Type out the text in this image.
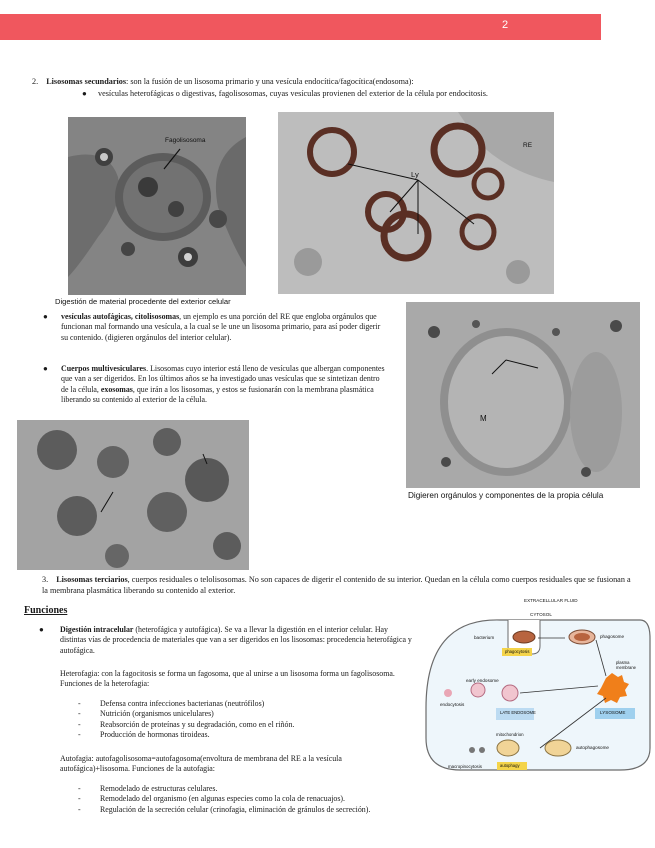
2
2. Lisosomas secundarios: son la fusión de un lisosoma primario y una vesícula endocítica/fagocítica(endosoma):
● vesículas heterofágicas o digestivas, fagolisosomas, cuyas vesículas provienen del exterior de la célula por endocitosis.
Fagolisosoma
Ly
RE
Digestión de material procedente del exterior celular
● vesículas autofágicas, citolisosomas, un ejemplo es una porción del RE que engloba orgánulos que funcionan mal formando una vesícula, a la cual se le une un lisosoma primario, para así poder digerir su contenido. (digieren orgánulos del interior celular).
● Cuerpos multivesiculares. Lisosomas cuyo interior está lleno de vesículas que albergan componentes que van a ser digeridos. En los últimos años se ha investigado unas vesículas que se sintetizan dentro de la célula, exosomas, que irán a los lisosomas, y estos se fusionarán con la membrana plasmática liberando su contenido al exterior de la célula.
M
Digieren orgánulos y componentes de la propia célula
3. Lisosomas terciarios, cuerpos residuales o telolisosomas. No son capaces de digerir el contenido de su interior. Quedan en la célula como cuerpos residuales que se fusionan a la membrana plasmática liberando su contenido al exterior.
Funciones
● Digestión intracelular (heterofágica y autofágica). Se va a llevar la digestión en el interior celular. Hay distintas vías de procedencia de materiales que van a ser digeridos en los lisosomas: procedencia heterofágica y autofágica.
Heterofagia: con la fagocitosis se forma un fagosoma, que al unirse a un lisosoma forma un fagolisosoma. Funciones de la heterofagia:
- Defensa contra infecciones bacterianas (neutrófilos)
- Nutrición (organismos unicelulares)
- Reabsorción de proteínas y su degradación, como en el riñón.
- Producción de hormonas tiroideas.
Autofagia: autofagolisosoma=autofagosoma(envoltura de membrana del RE a la vesícula autofágica)+lisosoma. Funciones de la autofagia:
- Remodelado de estructuras celulares.
- Remodelado del organismo (en algunas especies como la cola de renacuajos).
- Regulación de la secreción celular (crinofagia, eliminación de gránulos de secreción).
EXTRACELLULAR FLUID
CYTOSOL
bacterium
phagocytosis
phagosome
plasma membrane
early endosome
endocytosis
LATE ENDOSOME	LYSOSOME
mitochondrion
autophagy
autophagosome
macropinocytosis
